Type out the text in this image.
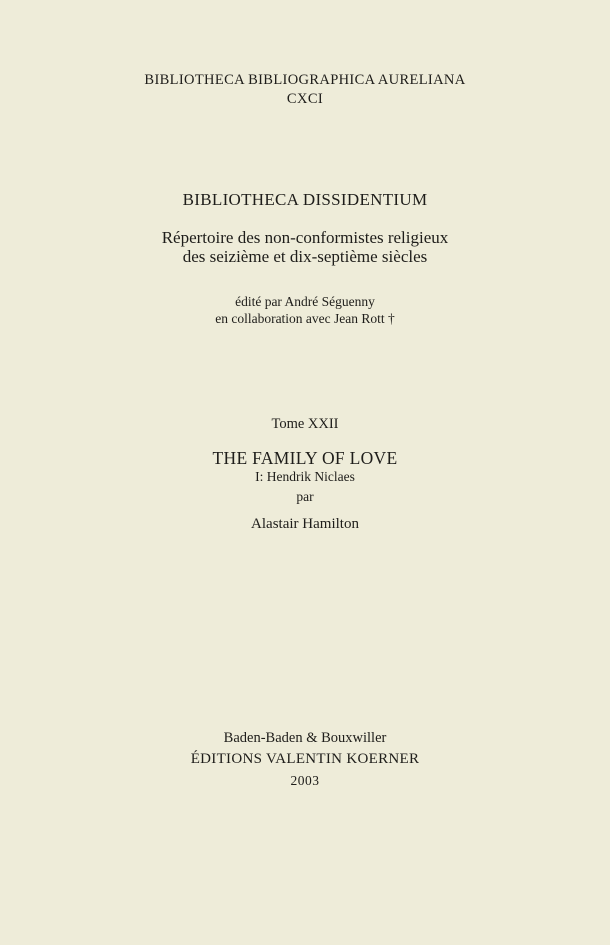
BIBLIOTHECA BIBLIOGRAPHICA AURELIANA
CXCI
BIBLIOTHECA DISSIDENTIUM
Répertoire des non-conformistes religieux
des seizième et dix-septième siècles
édité par André Séguenny
en collaboration avec Jean Rott †
Tome XXII
THE FAMILY OF LOVE
I: Hendrik Niclaes
par
Alastair Hamilton
Baden-Baden & Bouxwiller
ÉDITIONS VALENTIN KOERNER
2003
